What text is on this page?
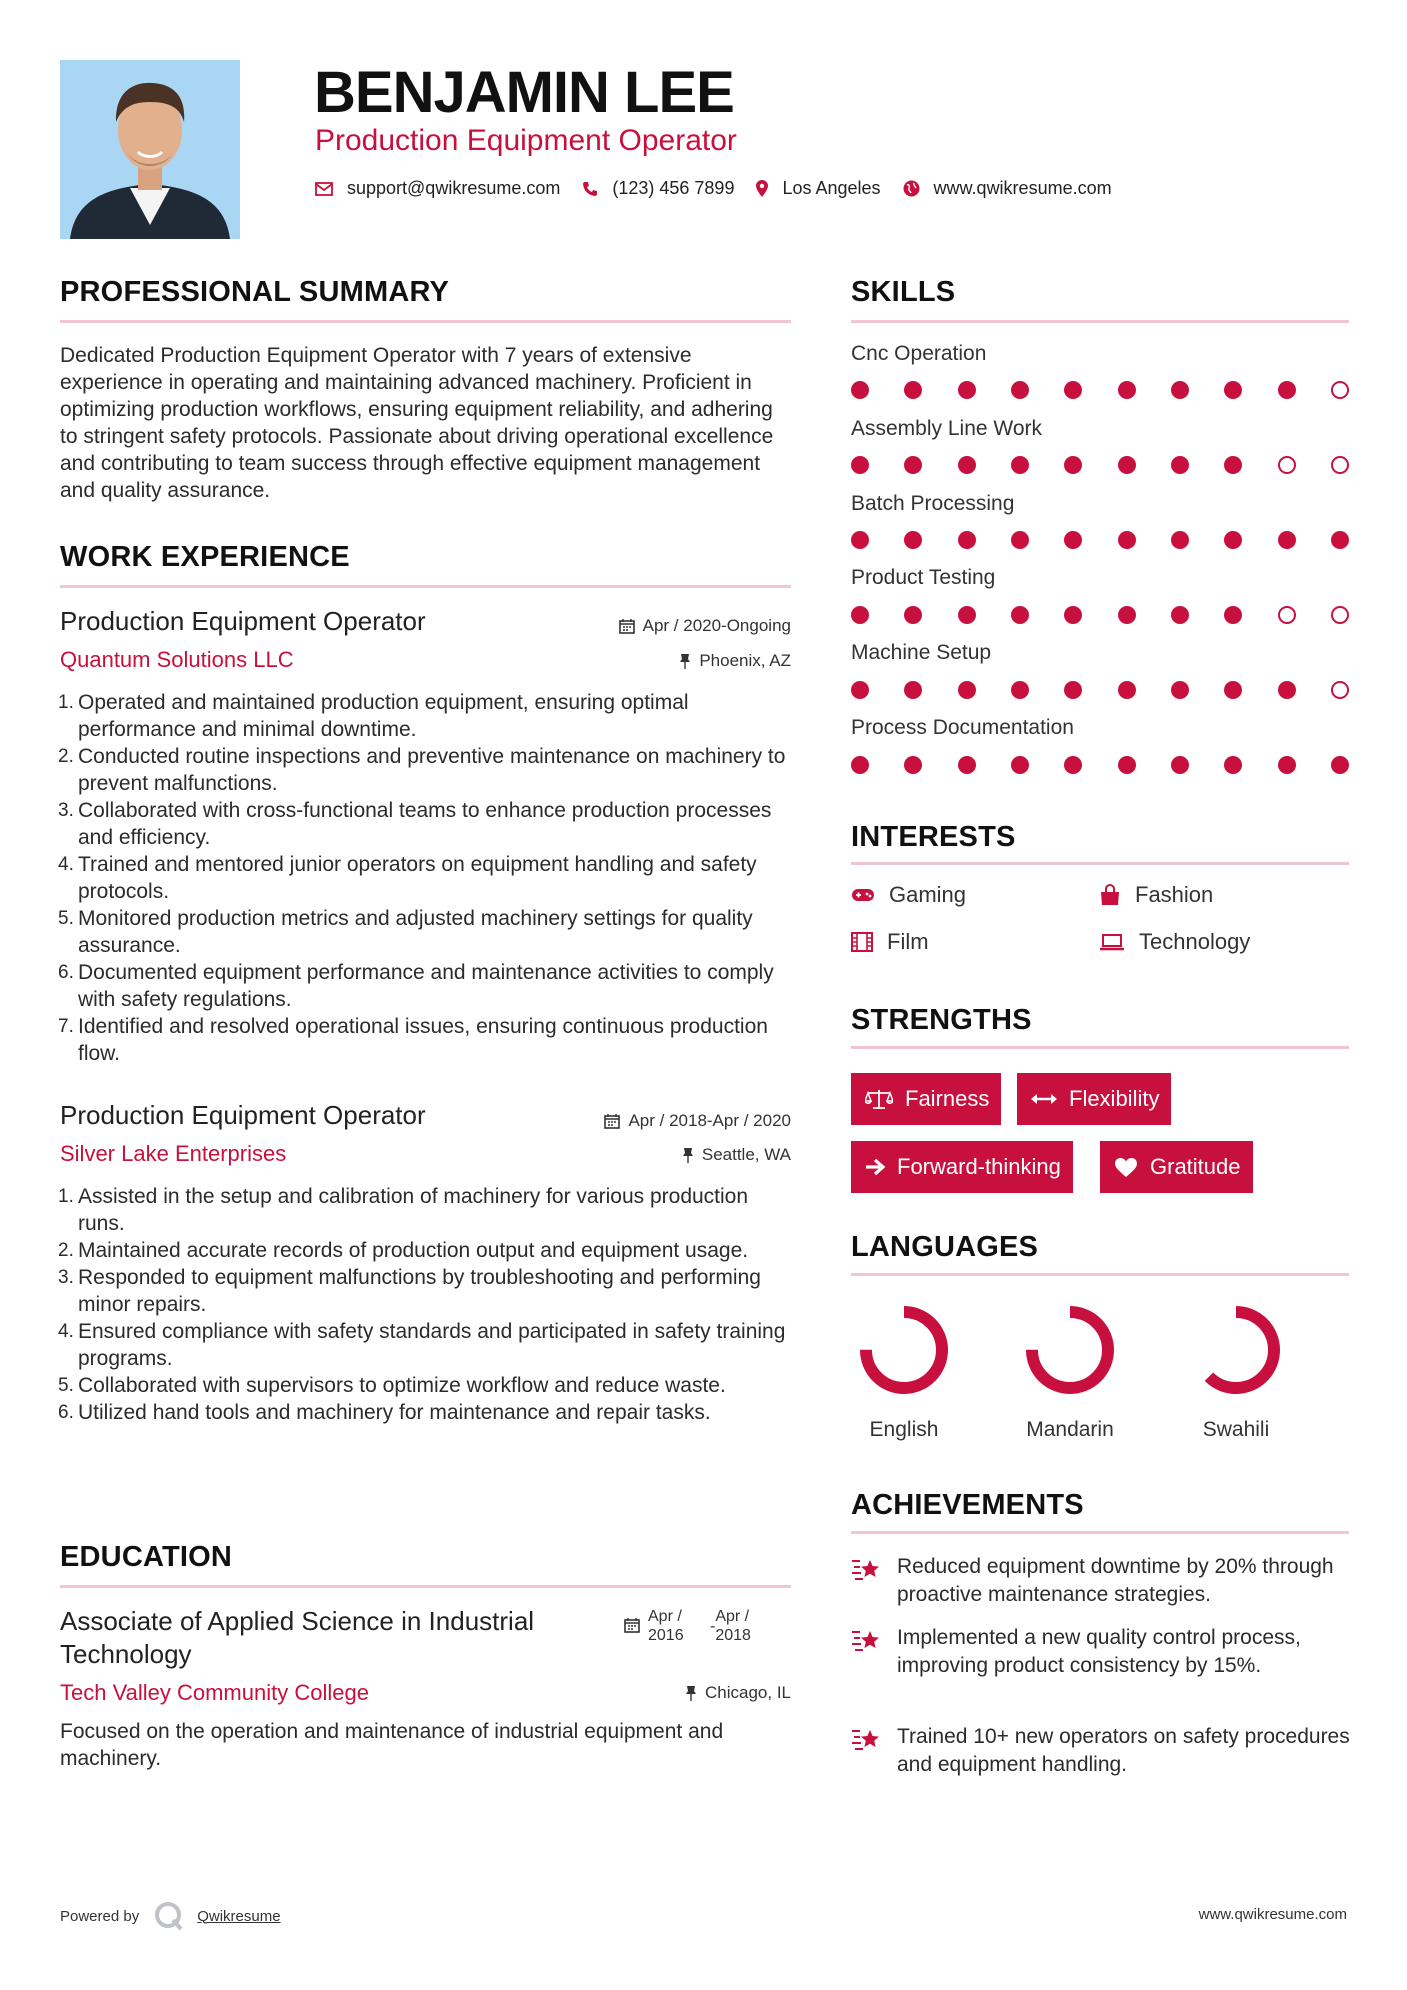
BENJAMIN LEE
Production Equipment Operator
support@qwikresume.com	(123) 456 7899	Los Angeles	www.qwikresume.com
PROFESSIONAL SUMMARY
Dedicated Production Equipment Operator with 7 years of extensive experience in operating and maintaining advanced machinery. Proficient in optimizing production workflows, ensuring equipment reliability, and adhering to stringent safety protocols. Passionate about driving operational excellence and contributing to team success through effective equipment management and quality assurance.
WORK EXPERIENCE
Production Equipment Operator	Apr / 2020-Ongoing
Quantum Solutions LLC	Phoenix, AZ
1. Operated and maintained production equipment, ensuring optimal performance and minimal downtime.
2. Conducted routine inspections and preventive maintenance on machinery to prevent malfunctions.
3. Collaborated with cross-functional teams to enhance production processes and efficiency.
4. Trained and mentored junior operators on equipment handling and safety protocols.
5. Monitored production metrics and adjusted machinery settings for quality assurance.
6. Documented equipment performance and maintenance activities to comply with safety regulations.
7. Identified and resolved operational issues, ensuring continuous production flow.
Production Equipment Operator	Apr / 2018-Apr / 2020
Silver Lake Enterprises	Seattle, WA
1. Assisted in the setup and calibration of machinery for various production runs.
2. Maintained accurate records of production output and equipment usage.
3. Responded to equipment malfunctions by troubleshooting and performing minor repairs.
4. Ensured compliance with safety standards and participated in safety training programs.
5. Collaborated with supervisors to optimize workflow and reduce waste.
6. Utilized hand tools and machinery for maintenance and repair tasks.
EDUCATION
Associate of Applied Science in Industrial Technology
Apr / 2016
-
Apr / 2018
Tech Valley Community College	Chicago, IL
Focused on the operation and maintenance of industrial equipment and machinery.
SKILLS
Cnc Operation
Assembly Line Work
Batch Processing
Product Testing
Machine Setup
Process Documentation
INTERESTS
Gaming	Fashion
Film	Technology
STRENGTHS
Fairness	Flexibility
Forward-thinking	Gratitude
LANGUAGES
English	Mandarin	Swahili
ACHIEVEMENTS
Reduced equipment downtime by 20% through proactive maintenance strategies.
Implemented a new quality control process, improving product consistency by 15%.
Trained 10+ new operators on safety procedures and equipment handling.
Powered by	Qwikresume	www.qwikresume.com
